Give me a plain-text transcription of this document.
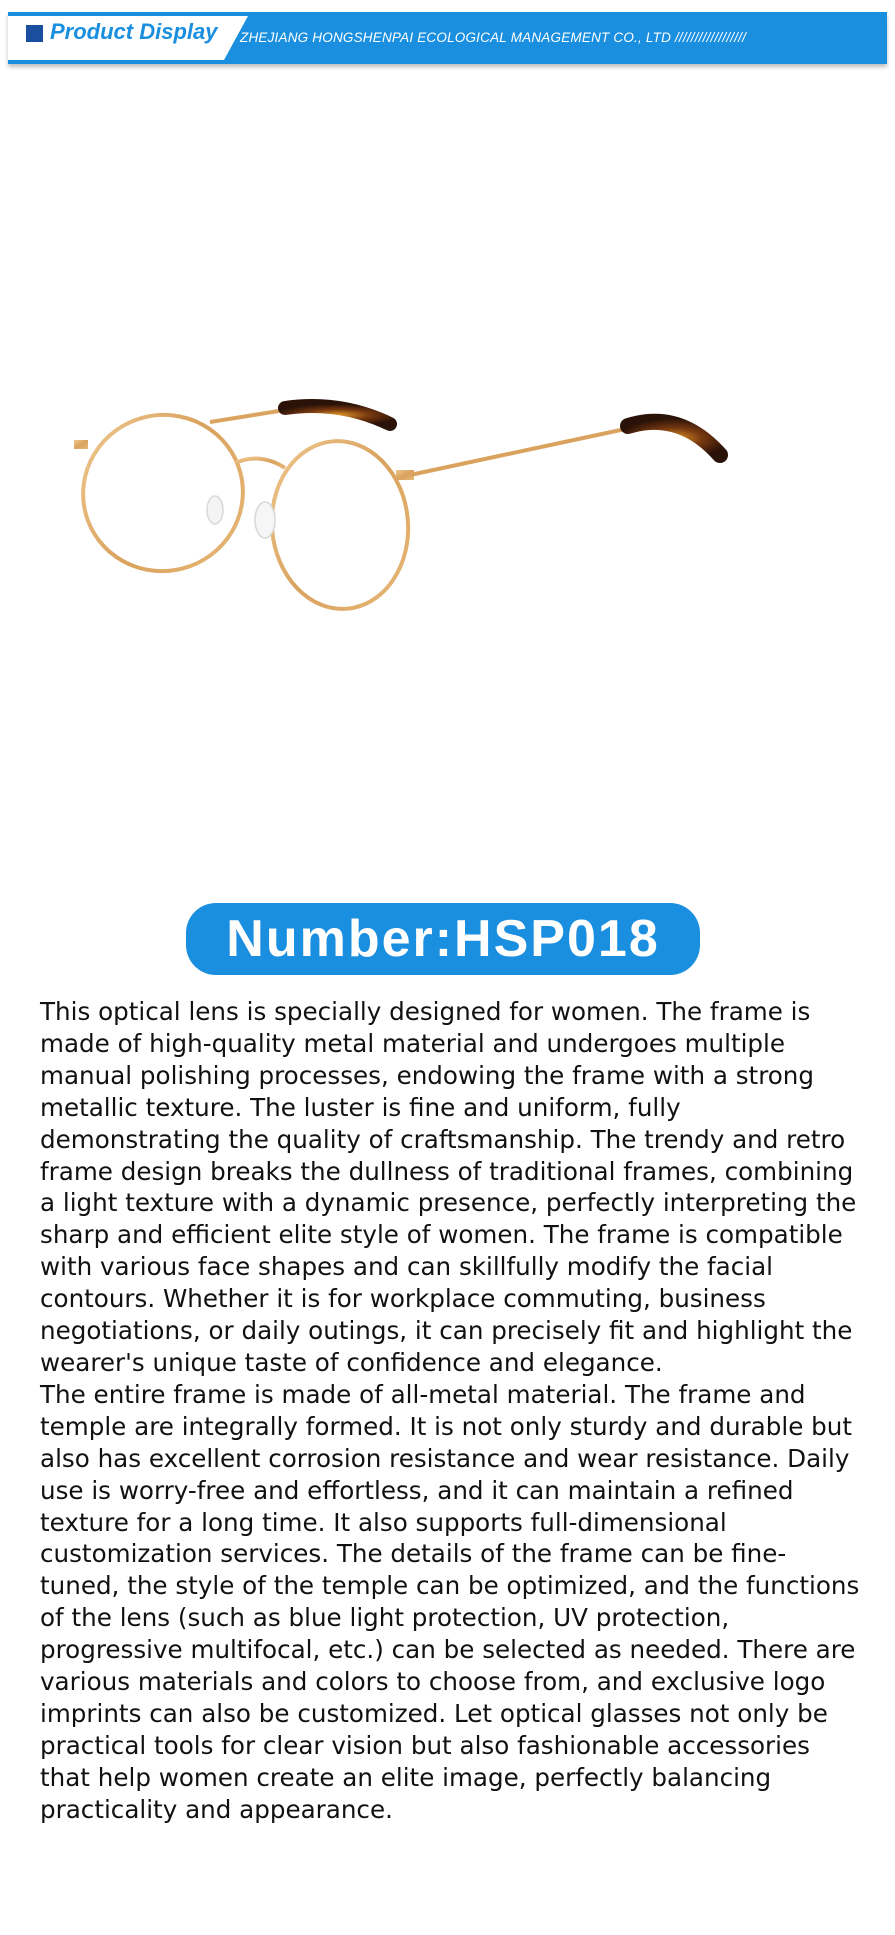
Product Display ZHEJIANG HONGSHENPAI ECOLOGICAL MANAGEMENT CO., LTD //////////////////
Number:HSP018

This optical lens is specially designed for women. The frame is made of high-quality metal material and undergoes multiple manual polishing processes, endowing the frame with a strong metallic texture. The luster is fine and uniform, fully demonstrating the quality of craftsmanship. The trendy and retro frame design breaks the dullness of traditional frames, combining a light texture with a dynamic presence, perfectly interpreting the sharp and efficient elite style of women. The frame is compatible with various face shapes and can skillfully modify the facial contours. Whether it is for workplace commuting, business negotiations, or daily outings, it can precisely fit and highlight the wearer's unique taste of confidence and elegance.

The entire frame is made of all-metal material. The frame and temple are integrally formed. It is not only sturdy and durable but also has excellent corrosion resistance and wear resistance. Daily use is worry-free and effortless, and it can maintain a refined texture for a long time. It also supports full-dimensional customization services. The details of the frame can be fine-tuned, the style of the temple can be optimized, and the functions of the lens (such as blue light protection, UV protection, progressive multifocal, etc.) can be selected as needed. There are various materials and colors to choose from, and exclusive logo imprints can also be customized. Let optical glasses not only be practical tools for clear vision but also fashionable accessories that help women create an elite image, perfectly balancing practicality and appearance.
